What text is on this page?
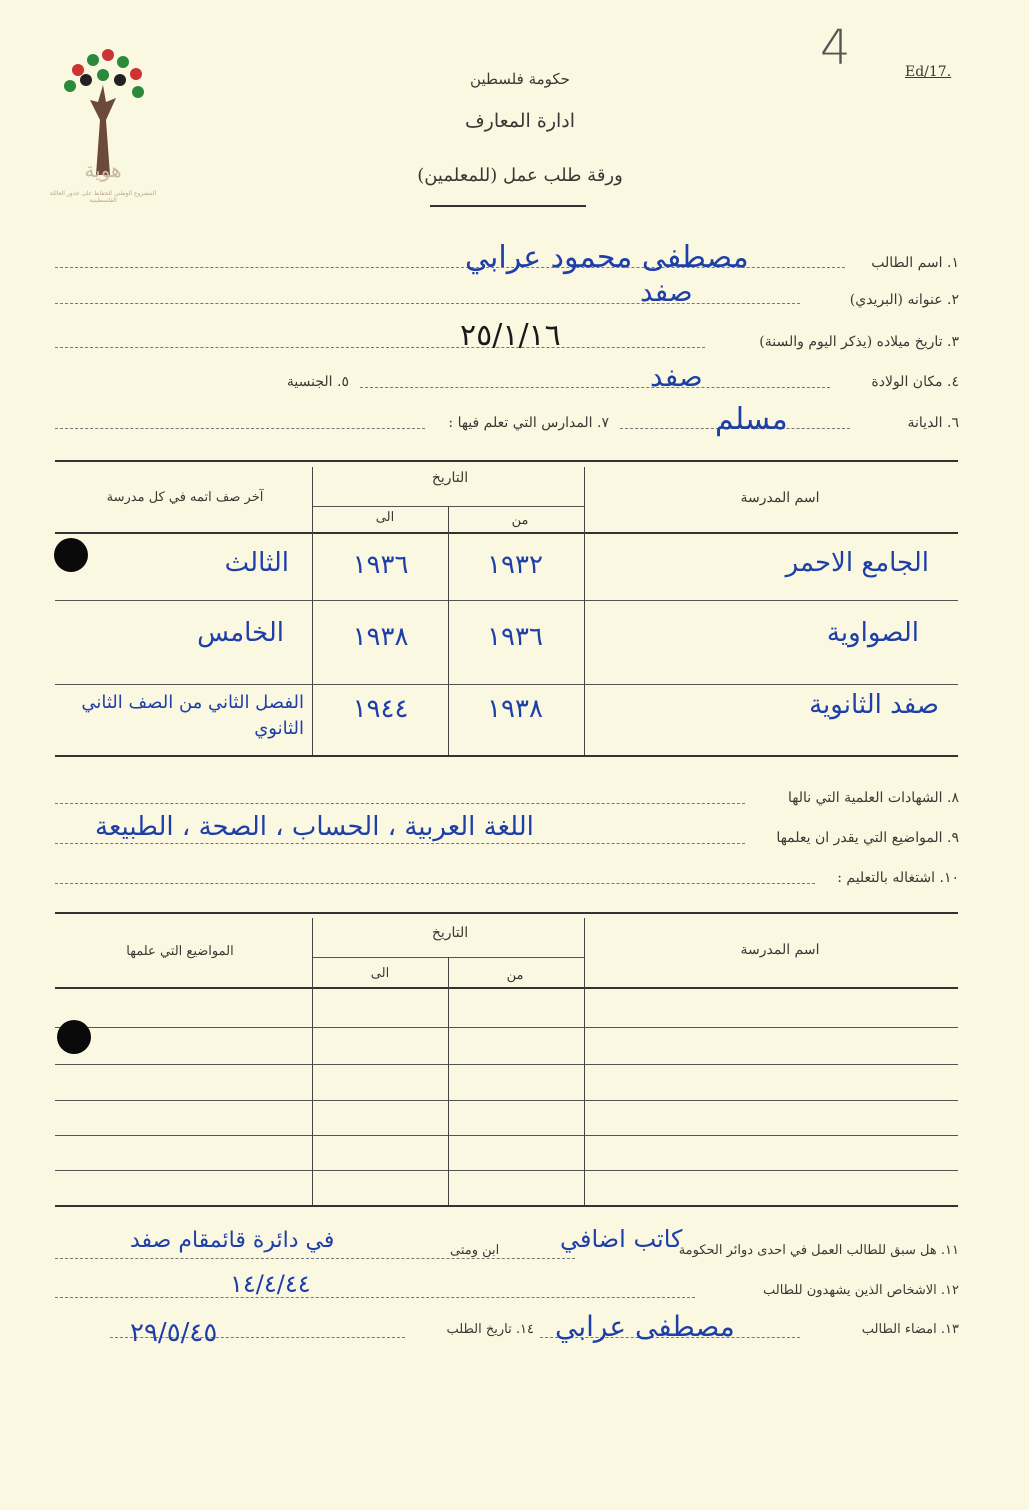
هوية
المشروع الوطني للحفاظ على جذور العائلة الفلسطينية
4	Ed/17.
حكومة فلسطين
ادارة المعارف
ورقة طلب عمل (للمعلمين)
١. اسم الطالب
مصطفى محمود عرابي
٢. عنوانه (البريدي)
صفد
٣. تاريخ ميلاده (يذكر اليوم والسنة)
٢٥/١/١٦
٤. مكان الولادة
صفد
٥. الجنسية
٦. الديانة
مسلم
٧. المدارس التي تعلم فيها :
اسم المدرسة
التاريخ
من
الى
آخر صف اتمه في كل مدرسة
الجامع الاحمر
١٩٣٢
١٩٣٦
الثالث
الصواوية
١٩٣٦
١٩٣٨
الخامس
صفد الثانوية
١٩٣٨
١٩٤٤
الفصل الثاني من الصف الثاني الثانوي
٨. الشهادات العلمية التي نالها
٩. المواضيع التي يقدر ان يعلمها
اللغة العربية ، الحساب ، الصحة ، الطبيعة
١٠. اشتغاله بالتعليم :
اسم المدرسة
التاريخ
من
الى
المواضيع التي علمها
١١. هل سبق للطالب العمل في احدى دوائر الحكومة
كاتب اضافي
ابن ومتى
في دائرة قائمقام صفد
١٢. الاشخاص الذين يشهدون للطالب
١٤/٤/٤٤
١٣. امضاء الطالب
مصطفى عرابي
١٤. تاريخ الطلب
٢٩/٥/٤٥
